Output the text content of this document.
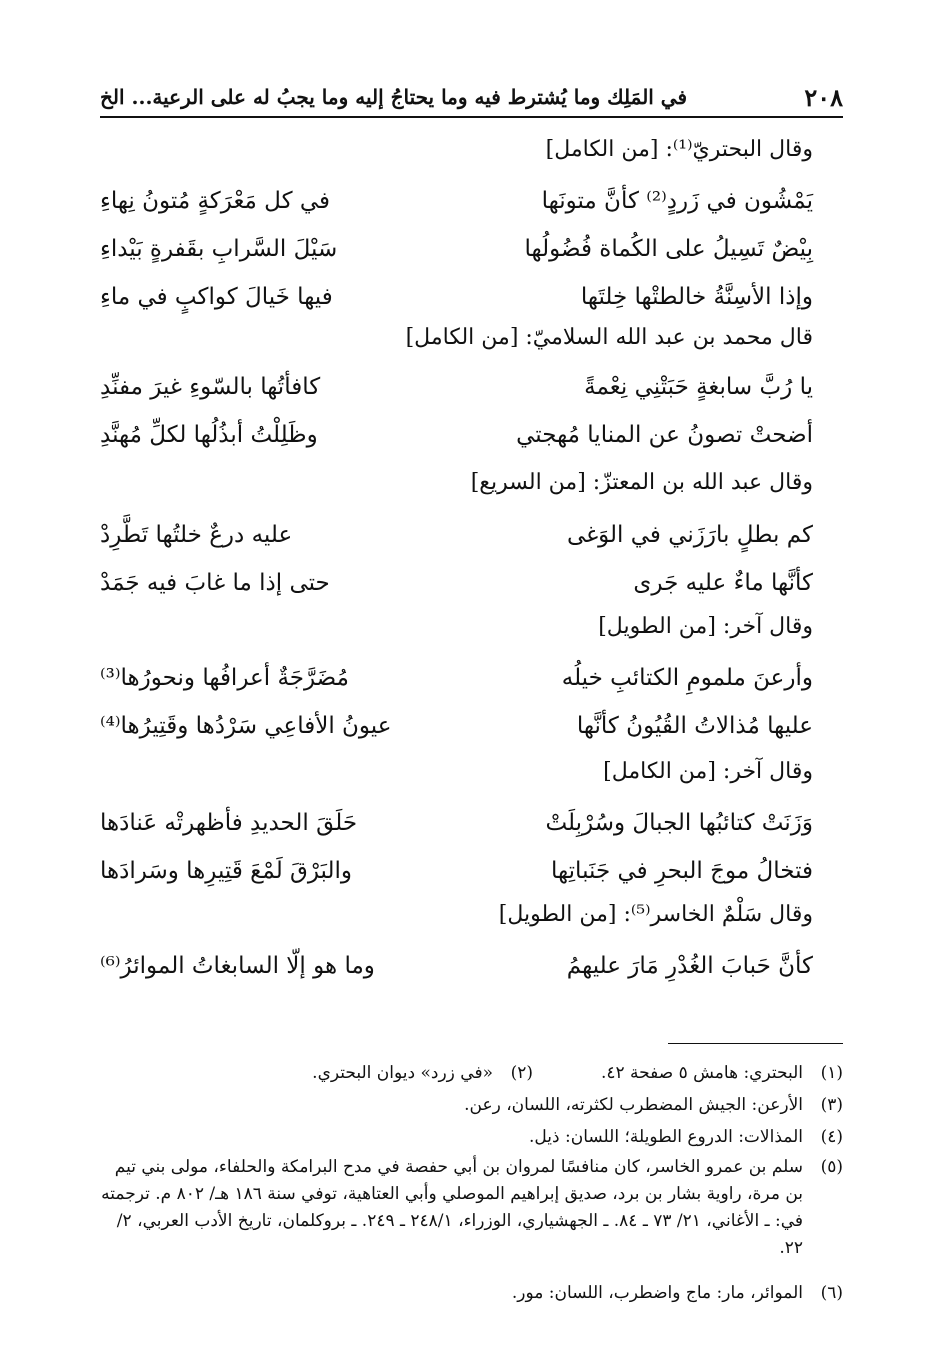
٢٠٨
في المَلِك وما يُشترط فيه وما يحتاجُ إليه وما يجبُ له على الرعية... الخ
وقال البحتريّ⁽¹⁾: [من الكامل]
يَمْشُون في زَردٍ⁽²⁾ كأنَّ متونَها
في كل مَعْرَكةٍ مُتونُ نِهاءِ
بِيْضٌ تَسِيلُ على الكُماة فُضُولُها
سَيْلَ السَّرابِ بقَفرةٍ بَيْداءِ
وإذا الأسِنَّةُ خالطتْها خِلتَها
فيها خَيالَ كواكبٍ في ماءِ
قال محمد بن عبد الله السلاميّ: [من الكامل]
يا رُبَّ سابغةٍ حَبَتْنِي نِعْمةً
كافأتُها بالسّوءِ غيرَ مفنِّدِ
أضحتْ تصونُ عن المنايا مُهجتي
وظَلِلْتُ أبذُلُها لكلِّ مُهنَّدِ
وقال عبد الله بن المعتزّ: [من السريع]
كم بطلٍ بارَزَني في الوَغى
عليه درعٌ خلتُها تَطَّرِدْ
كأنَّها ماءٌ عليه جَرى
حتى إذا ما غابَ فيه جَمَدْ
وقال آخر: [من الطويل]
وأرعنَ ملمومِ الكتائبِ خيلُه
مُضَرَّجَةٌ أعرافُها ونحورُها⁽³⁾
عليها مُذالاتُ القُيُونُ كأنَّها
عيونُ الأفاعِي سَرْدُها وقَتِيرُها⁽⁴⁾
وقال آخر: [من الكامل]
وَزَنَتْ كتائبُها الجبالَ وسُرْبِلَتْ
حَلَقَ الحديدِ فأظهرتْه عَنادَها
فتخالُ موجَ البحرِ في جَنَباتِها
والبَرْقَ لَمْعَ قَتِيرِها وسَرادَها
وقال سَلْمٌ الخاسر⁽⁵⁾: [من الطويل]
كأنَّ حَبابَ الغُدْرِ مَارَ عليهمُ
وما هو إلّا السابغاتُ الموائرُ⁽⁶⁾
(١)
البحتري: هامش ٥ صفحة ٤٢.
(٢)
«في زرد» ديوان البحتري.
(٣)
الأرعن: الجيش المضطرب لكثرته، اللسان، رعن.
(٤)
المذالات: الدروع الطويلة؛ اللسان: ذيل.
(٥)
سلم بن عمرو الخاسر، كان منافسًا لمروان بن أبي حفصة في مدح البرامكة والحلفاء، مولى بني تيم بن مرة، راوية بشار بن برد، صديق إبراهيم الموصلي وأبي العتاهية، توفي سنة ١٨٦ هـ/ ٨٠٢ م. ترجمته في: ـ الأغاني، ٢١/ ٧٣ ـ ٨٤. ـ الجهشياري، الوزراء، ٢٤٨/١ ـ ٢٤٩. ـ بروكلمان، تاريخ الأدب العربي، ٢/ ٢٢.
(٦)
الموائر، مار: ماج واضطرب، اللسان: مور.
